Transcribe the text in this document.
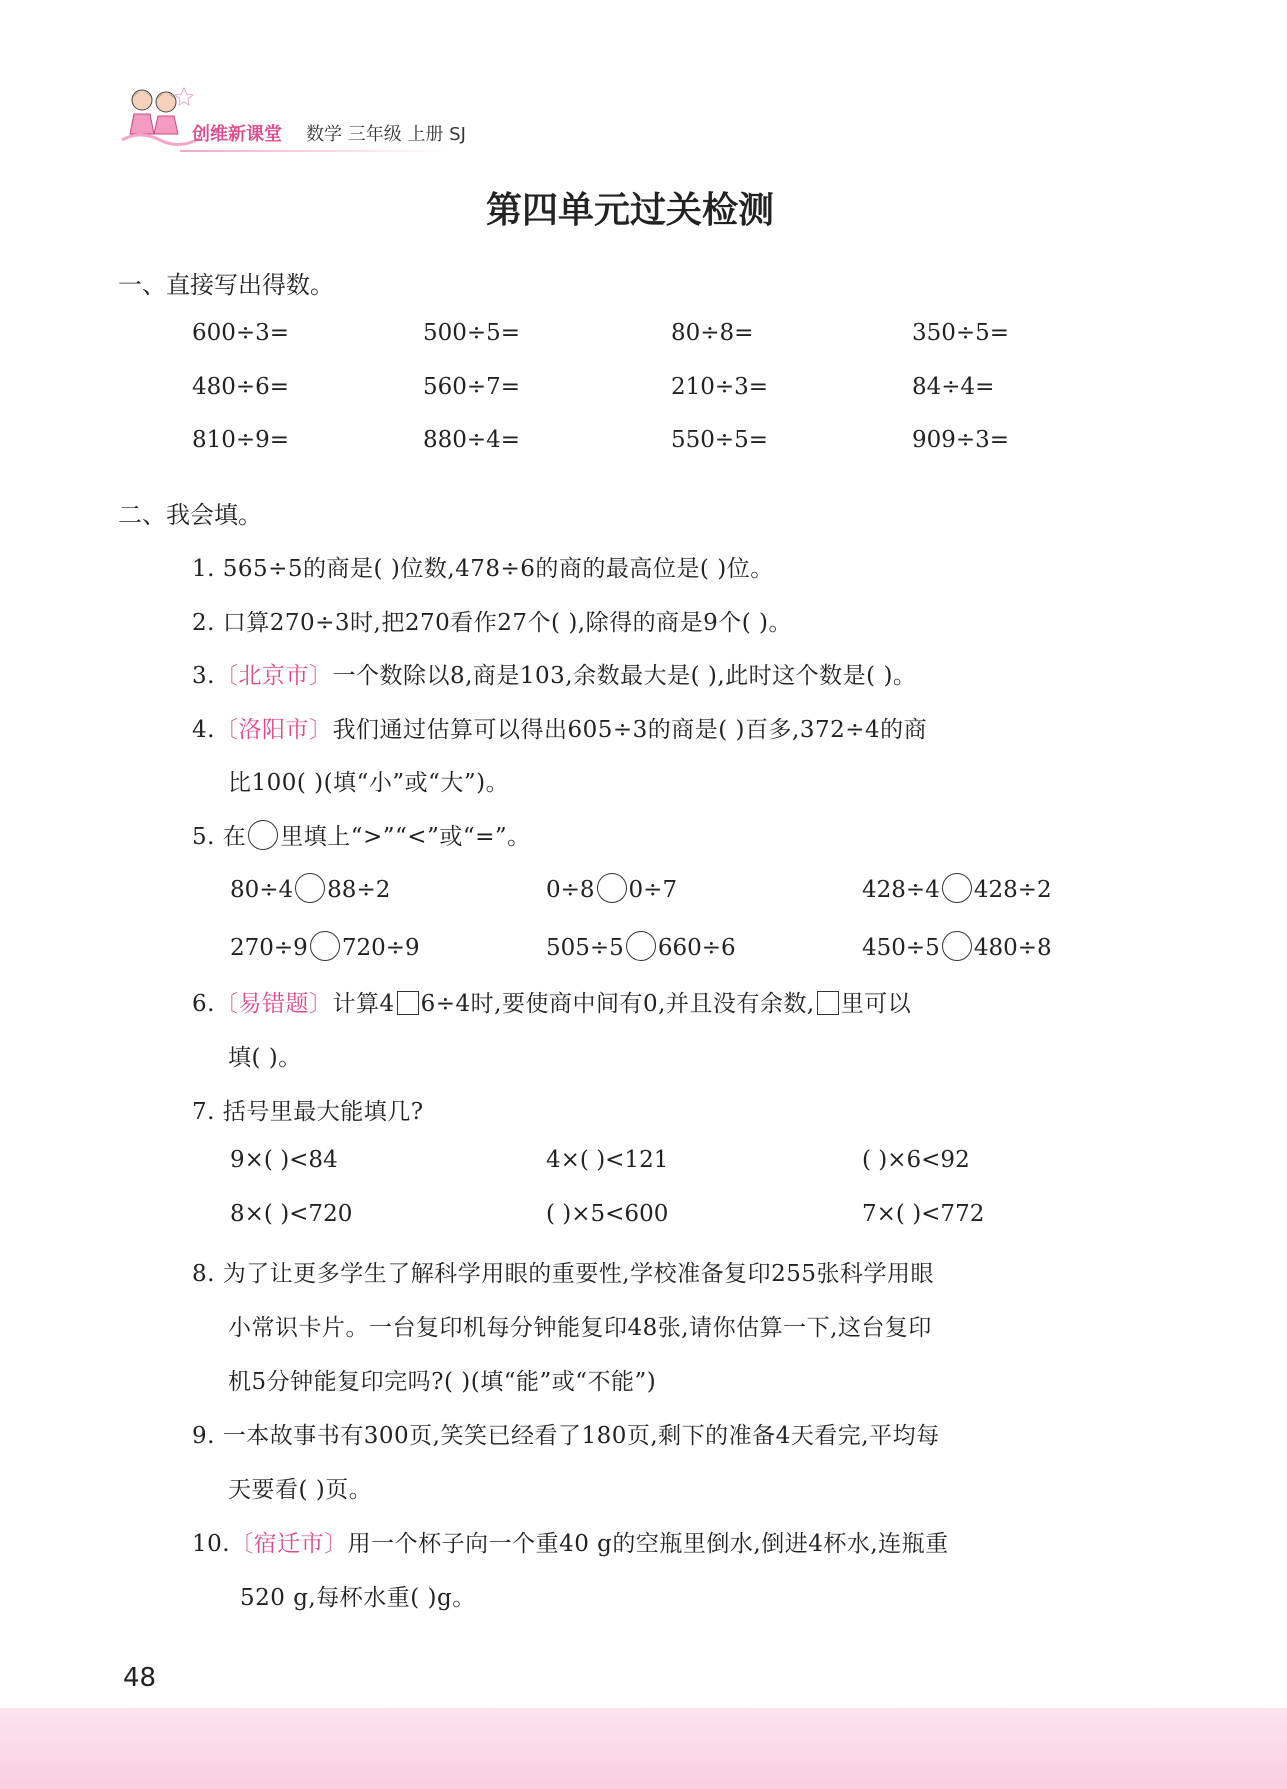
创维新课堂 数学 三年级 上册 SJ
第四单元过关检测
一、直接写出得数。
600÷3=	500÷5=	80÷8=	350÷5=
480÷6=	560÷7=	210÷3=	84÷4=
810÷9=	880÷4=	550÷5=	909÷3=
二、我会填。
1. 565÷5的商是( )位数,478÷6的商的最高位是( )位。
2. 口算270÷3时,把270看作27个( ),除得的商是9个( )。
3.〔北京市〕一个数除以8,商是103,余数最大是( ),此时这个数是( )。
4.〔洛阳市〕我们通过估算可以得出605÷3的商是( )百多,372÷4的商
比100( )(填“小”或“大”)。
5. 在 里填上“>”“<”或“=”。
80÷4 88÷2	0÷8 0÷7	428÷4 428÷2
270÷9 720÷9	505÷5 660÷6	450÷5 480÷8
6.〔易错题〕计算4 6÷4时,要使商中间有0,并且没有余数, 里可以
填( )。
7. 括号里最大能填几?
9×( )<84	4×( )<121	( )×6<92
8×( )<720	( )×5<600	7×( )<772
8. 为了让更多学生了解科学用眼的重要性,学校准备复印255张科学用眼
小常识卡片。一台复印机每分钟能复印48张,请你估算一下,这台复印
机5分钟能复印完吗?( )(填“能”或“不能”)
9. 一本故事书有300页,笑笑已经看了180页,剩下的准备4天看完,平均每
天要看( )页。
10.〔宿迁市〕用一个杯子向一个重40 g的空瓶里倒水,倒进4杯水,连瓶重
520 g,每杯水重( )g。
48
